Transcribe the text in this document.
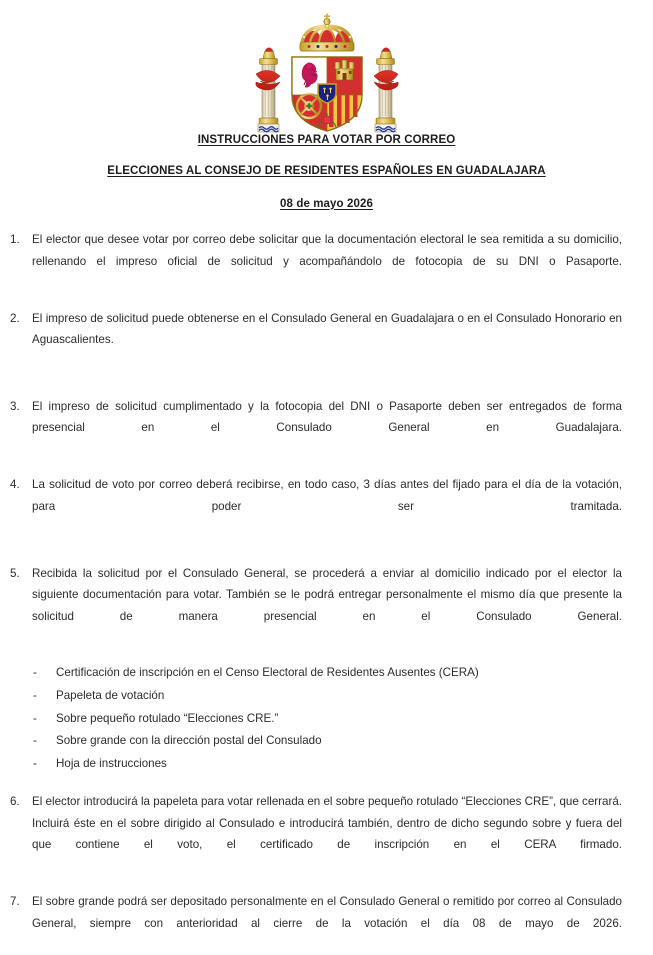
INSTRUCCIONES PARA VOTAR POR CORREO

ELECCIONES AL CONSEJO DE RESIDENTES ESPAÑOLES EN GUADALAJARA

08 de mayo 2026

1.	El elector que desee votar por correo debe solicitar que la documentación electoral le sea remitida a su domicilio, rellenando el impreso oficial de solicitud y acompañándolo de fotocopia de su DNI o Pasaporte.
2.	El impreso de solicitud puede obtenerse en el Consulado General en Guadalajara o en el Consulado Honorario en Aguascalientes.
3.	El impreso de solicitud cumplimentado y la fotocopia del DNI o Pasaporte deben ser entregados de forma presencial en el Consulado General en Guadalajara.
4.	La solicitud de voto por correo deberá recibirse, en todo caso, 3 días antes del fijado para el día de la votación, para poder ser tramitada.
5.	Recibida la solicitud por el Consulado General, se procederá a enviar al domicilio indicado por el elector la siguiente documentación para votar. También se le podrá entregar personalmente el mismo día que presente la solicitud de manera presencial en el Consulado General.
-	Certificación de inscripción en el Censo Electoral de Residentes Ausentes (CERA)
-	Papeleta de votación
-	Sobre pequeño rotulado “Elecciones CRE.”
-	Sobre grande con la dirección postal del Consulado
-	Hoja de instrucciones
6.	El elector introducirá la papeleta para votar rellenada en el sobre pequeño rotulado “Elecciones CRE”, que cerrará. Incluirá éste en el sobre dirigido al Consulado e introducirá también, dentro de dicho segundo sobre y fuera del que contiene el voto, el certificado de inscripción en el CERA firmado.
7.	El sobre grande podrá ser depositado personalmente en el Consulado General o remitido por correo al Consulado General, siempre con anterioridad al cierre de la votación el día 08 de mayo de 2026.
